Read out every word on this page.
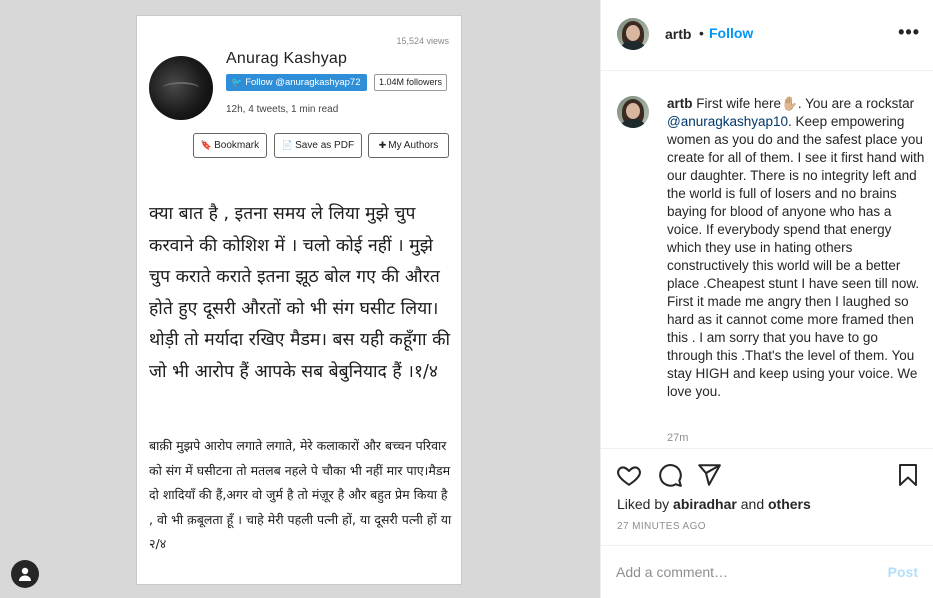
15,524 views
Anurag Kashyap
🐦 Follow @anuragkashyap72	1.04M followers
12h, 4 tweets, 1 min read
🔖 Bookmark	📄 Save as PDF	✚ My Authors
क्या बात है , इतना समय ले लिया मुझे चुप करवाने की कोशिश में । चलो कोई नहीं । मुझे चुप कराते कराते इतना झूठ बोल गए की औरत होते हुए दूसरी औरतों को भी संग घसीट लिया। थोड़ी तो मर्यादा रखिए मैडम। बस यही कहूँगा की जो भी आरोप हैं आपके सब बेबुनियाद हैं ।१/४
बाक़ी मुझपे आरोप लगाते लगाते, मेरे कलाकारों और बच्चन परिवार को संग में घसीटना तो मतलब नहले पे चौका भी नहीं मार पाए।मैडम दो शादियाँ की हैं,अगर वो जुर्म है तो मंज़ूर है और बहुत प्रेम किया है , वो भी क़बूलता हूँ । चाहे मेरी पहली पत्नी हों, या दूसरी पत्नी हों या २/४
artb • Follow	•••
artb First wife here✋🏼. You are a rockstar @anuragkashyap10. Keep empowering women as you do and the safest place you create for all of them. I see it first hand with our daughter. There is no integrity left and the world is full of losers and no brains baying for blood of anyone who has a voice. If everybody spend that energy which they use in hating others constructively this world will be a better place .Cheapest stunt I have seen till now. First it made me angry then I laughed so hard as it cannot come more framed then this . I am sorry that you have to go through this .That's the level of them. You stay HIGH and keep using your voice. We love you.
27m
Liked by abiradhar and others
27 MINUTES AGO
Add a comment…
Post
